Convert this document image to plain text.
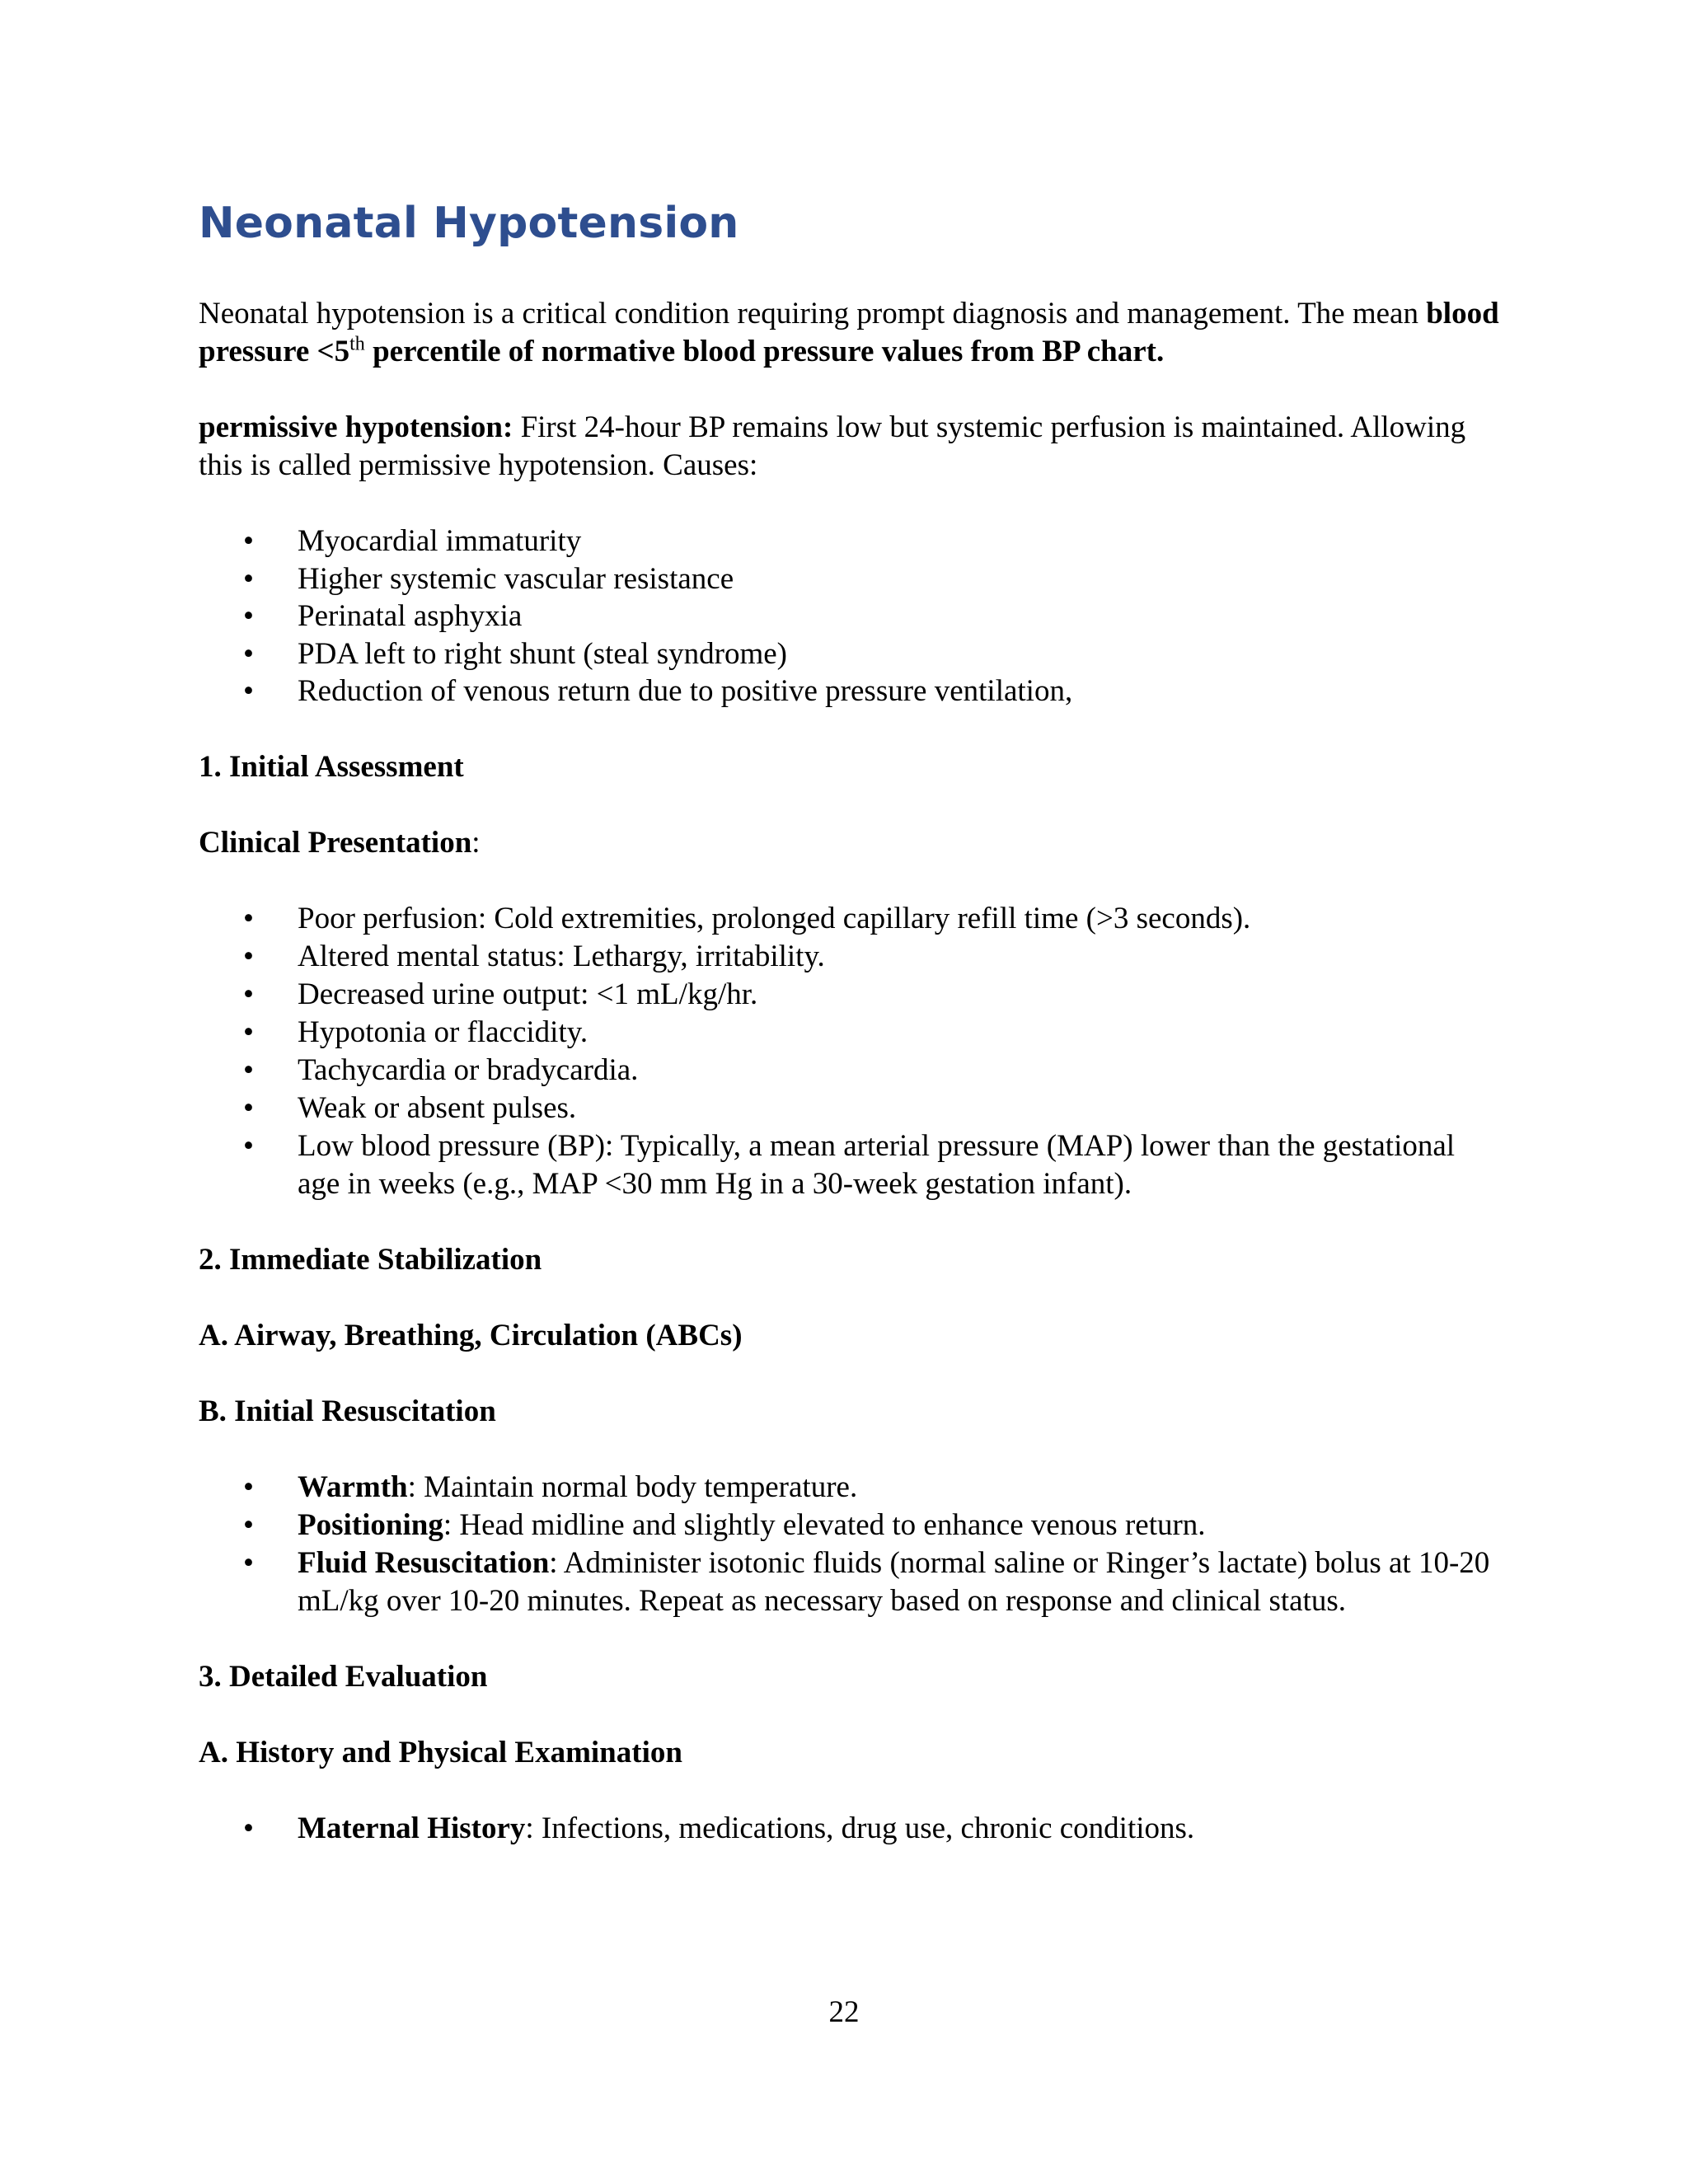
Neonatal Hypotension

Neonatal hypotension is a critical condition requiring prompt diagnosis and management. The mean blood pressure <5th percentile of normative blood pressure values from BP chart.

permissive hypotension: First 24-hour BP remains low but systemic perfusion is maintained. Allowing this is called permissive hypotension. Causes:

• Myocardial immaturity
• Higher systemic vascular resistance
• Perinatal asphyxia
• PDA left to right shunt (steal syndrome)
• Reduction of venous return due to positive pressure ventilation,
1. Initial Assessment

Clinical Presentation:

• Poor perfusion: Cold extremities, prolonged capillary refill time (>3 seconds).
• Altered mental status: Lethargy, irritability.
• Decreased urine output: <1 mL/kg/hr.
• Hypotonia or flaccidity.
• Tachycardia or bradycardia.
• Weak or absent pulses.
• Low blood pressure (BP): Typically, a mean arterial pressure (MAP) lower than the gestational age in weeks (e.g., MAP <30 mm Hg in a 30-week gestation infant).
2. Immediate Stabilization
A. Airway, Breathing, Circulation (ABCs)
B. Initial Resuscitation
• Warmth: Maintain normal body temperature.
• Positioning: Head midline and slightly elevated to enhance venous return.
• Fluid Resuscitation: Administer isotonic fluids (normal saline or Ringer’s lactate) bolus at 10-20 mL/kg over 10-20 minutes. Repeat as necessary based on response and clinical status.
3. Detailed Evaluation
A. History and Physical Examination
• Maternal History: Infections, medications, drug use, chronic conditions.
22
